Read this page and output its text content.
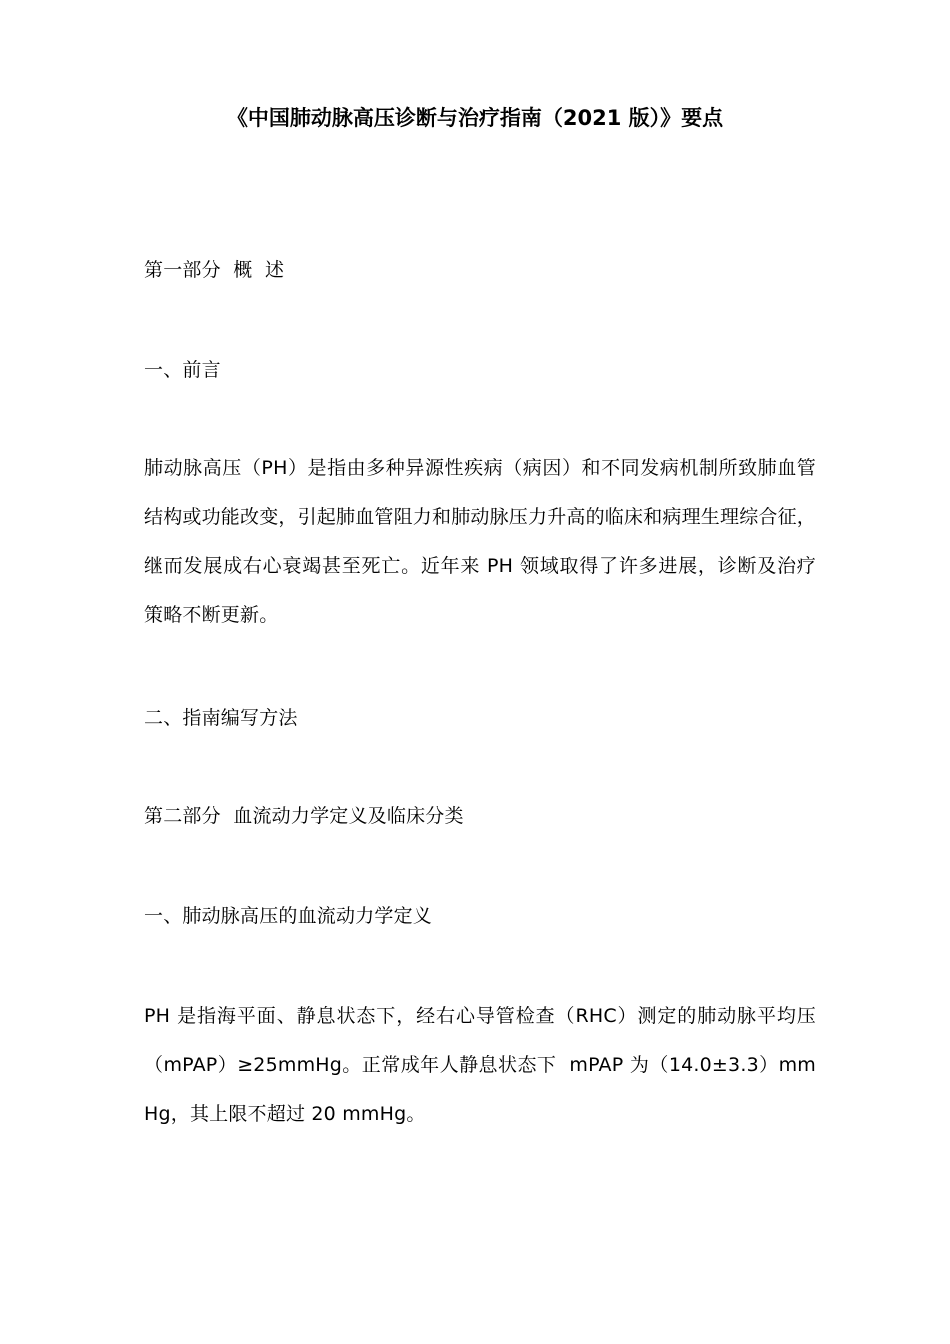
《中国肺动脉高压诊断与治疗指南（2021 版）》要点

第一部分  概  述

一、前言

肺动脉高压（PH）是指由多种异源性疾病（病因）和不同发病机制所致肺血管结构或功能改变，引起肺血管阻力和肺动脉压力升高的临床和病理生理综合征，继而发展成右心衰竭甚至死亡。近年来 PH 领域取得了许多进展，诊断及治疗策略不断更新。

二、指南编写方法

第二部分  血流动力学定义及临床分类

一、肺动脉高压的血流动力学定义

PH 是指海平面、静息状态下，经右心导管检查（RHC）测定的肺动脉平均压（mPAP）≥25mmHg。正常成年人静息状态下  mPAP 为（14.0±3.3）mmHg，其上限不超过 20 mmHg。
